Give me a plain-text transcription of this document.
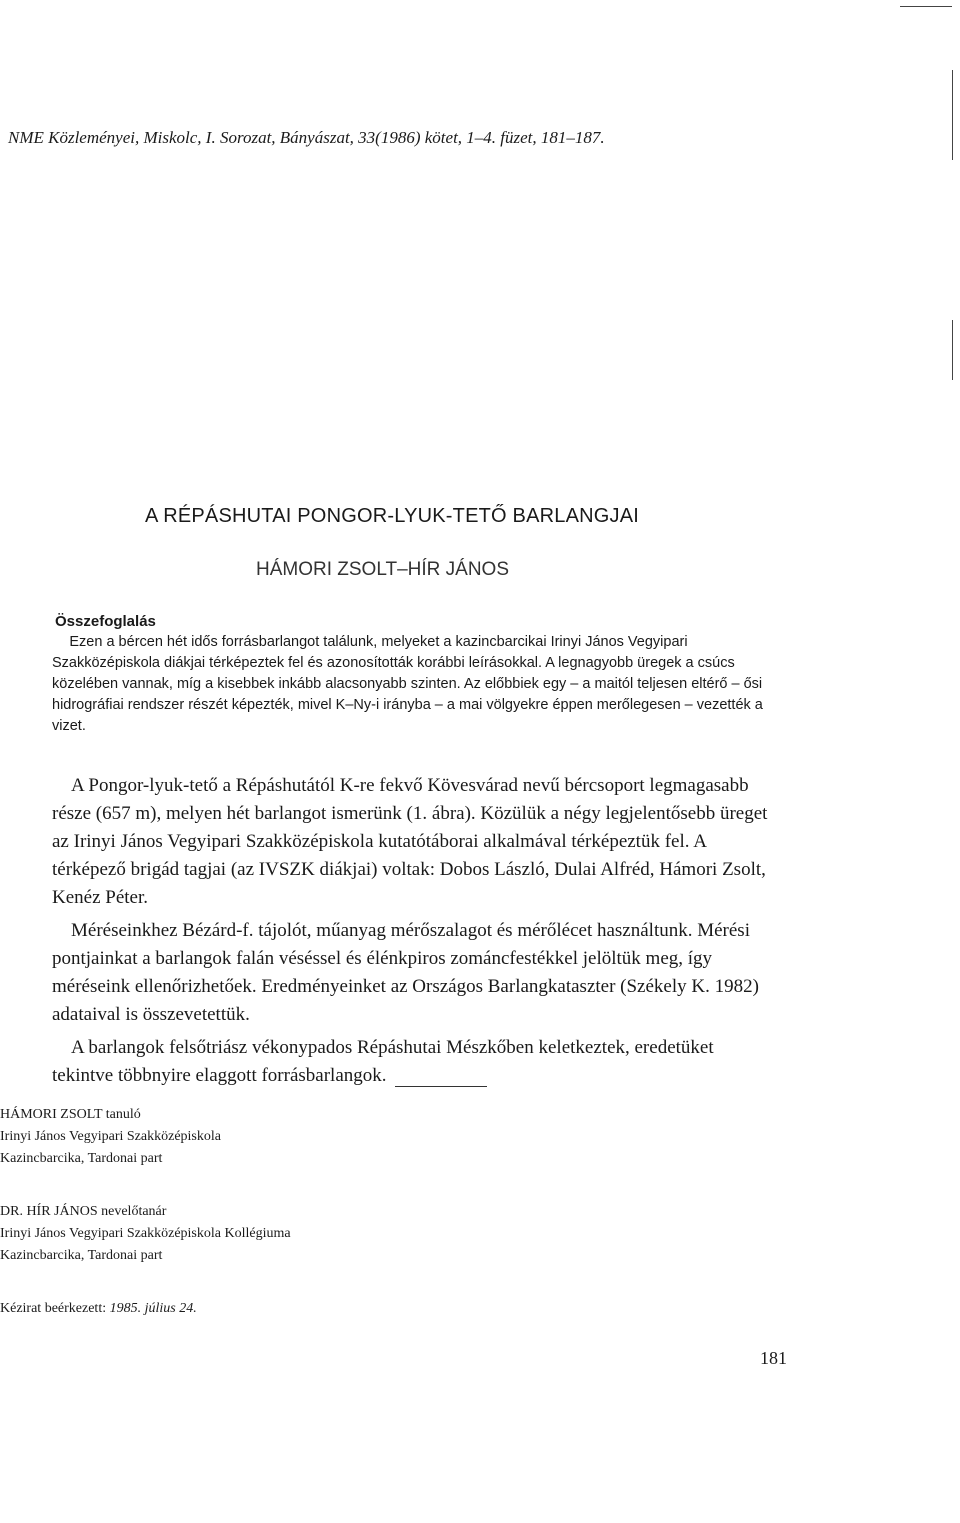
NME Közleményei, Miskolc, I. Sorozat, Bányászat, 33(1986) kötet, 1–4. füzet, 181–187.
A RÉPÁSHUTAI PONGOR-LYUK-TETŐ BARLANGJAI
HÁMORI ZSOLT–HÍR JÁNOS
Összefoglalás

Ezen a bércen hét idős forrásbarlangot találunk, melyeket a kazincbarcikai Irinyi János Vegyipari Szakközépiskola diákjai térképeztek fel és azonosították korábbi leírásokkal. A legnagyobb üregek a csúcs közelében vannak, míg a kisebbek inkább alacsonyabb szinten. Az előbbiek egy – a maitól teljesen eltérő – ősi hidrográfiai rendszer részét képezték, mivel K–Ny-i irányba – a mai völgyekre éppen merőlegesen – vezették a vizet.

A Pongor-lyuk-tető a Répáshutától K-re fekvő Kövesvárad nevű bércsoport legmagasabb része (657 m), melyen hét barlangot ismerünk (1. ábra). Közülük a négy legjelentősebb üreget az Irinyi János Vegyipari Szakközépiskola kutatótáborai alkalmával térképeztük fel. A térképező brigád tagjai (az IVSZK diákjai) voltak: Dobos László, Dulai Alfréd, Hámori Zsolt, Kenéz Péter.

Méréseinkhez Bézárd-f. tájolót, műanyag mérőszalagot és mérőlécet használtunk. Mérési pontjainkat a barlangok falán véséssel és élénkpiros zománcfestékkel jelöltük meg, így méréseink ellenőrizhetőek. Eredményeinket az Országos Barlangkataszter (Székely K. 1982) adataival is összevetettük.

A barlangok felsőtriász vékonypados Répáshutai Mészkőben keletkeztek, eredetüket tekintve többnyire elaggott forrásbarlangok.

HÁMORI ZSOLT tanuló
Irinyi János Vegyipari Szakközépiskola
Kazincbarcika, Tardonai part
DR. HÍR JÁNOS nevelőtanár
Irinyi János Vegyipari Szakközépiskola Kollégiuma
Kazincbarcika, Tardonai part
Kézirat beérkezett: 1985. július 24.
181
